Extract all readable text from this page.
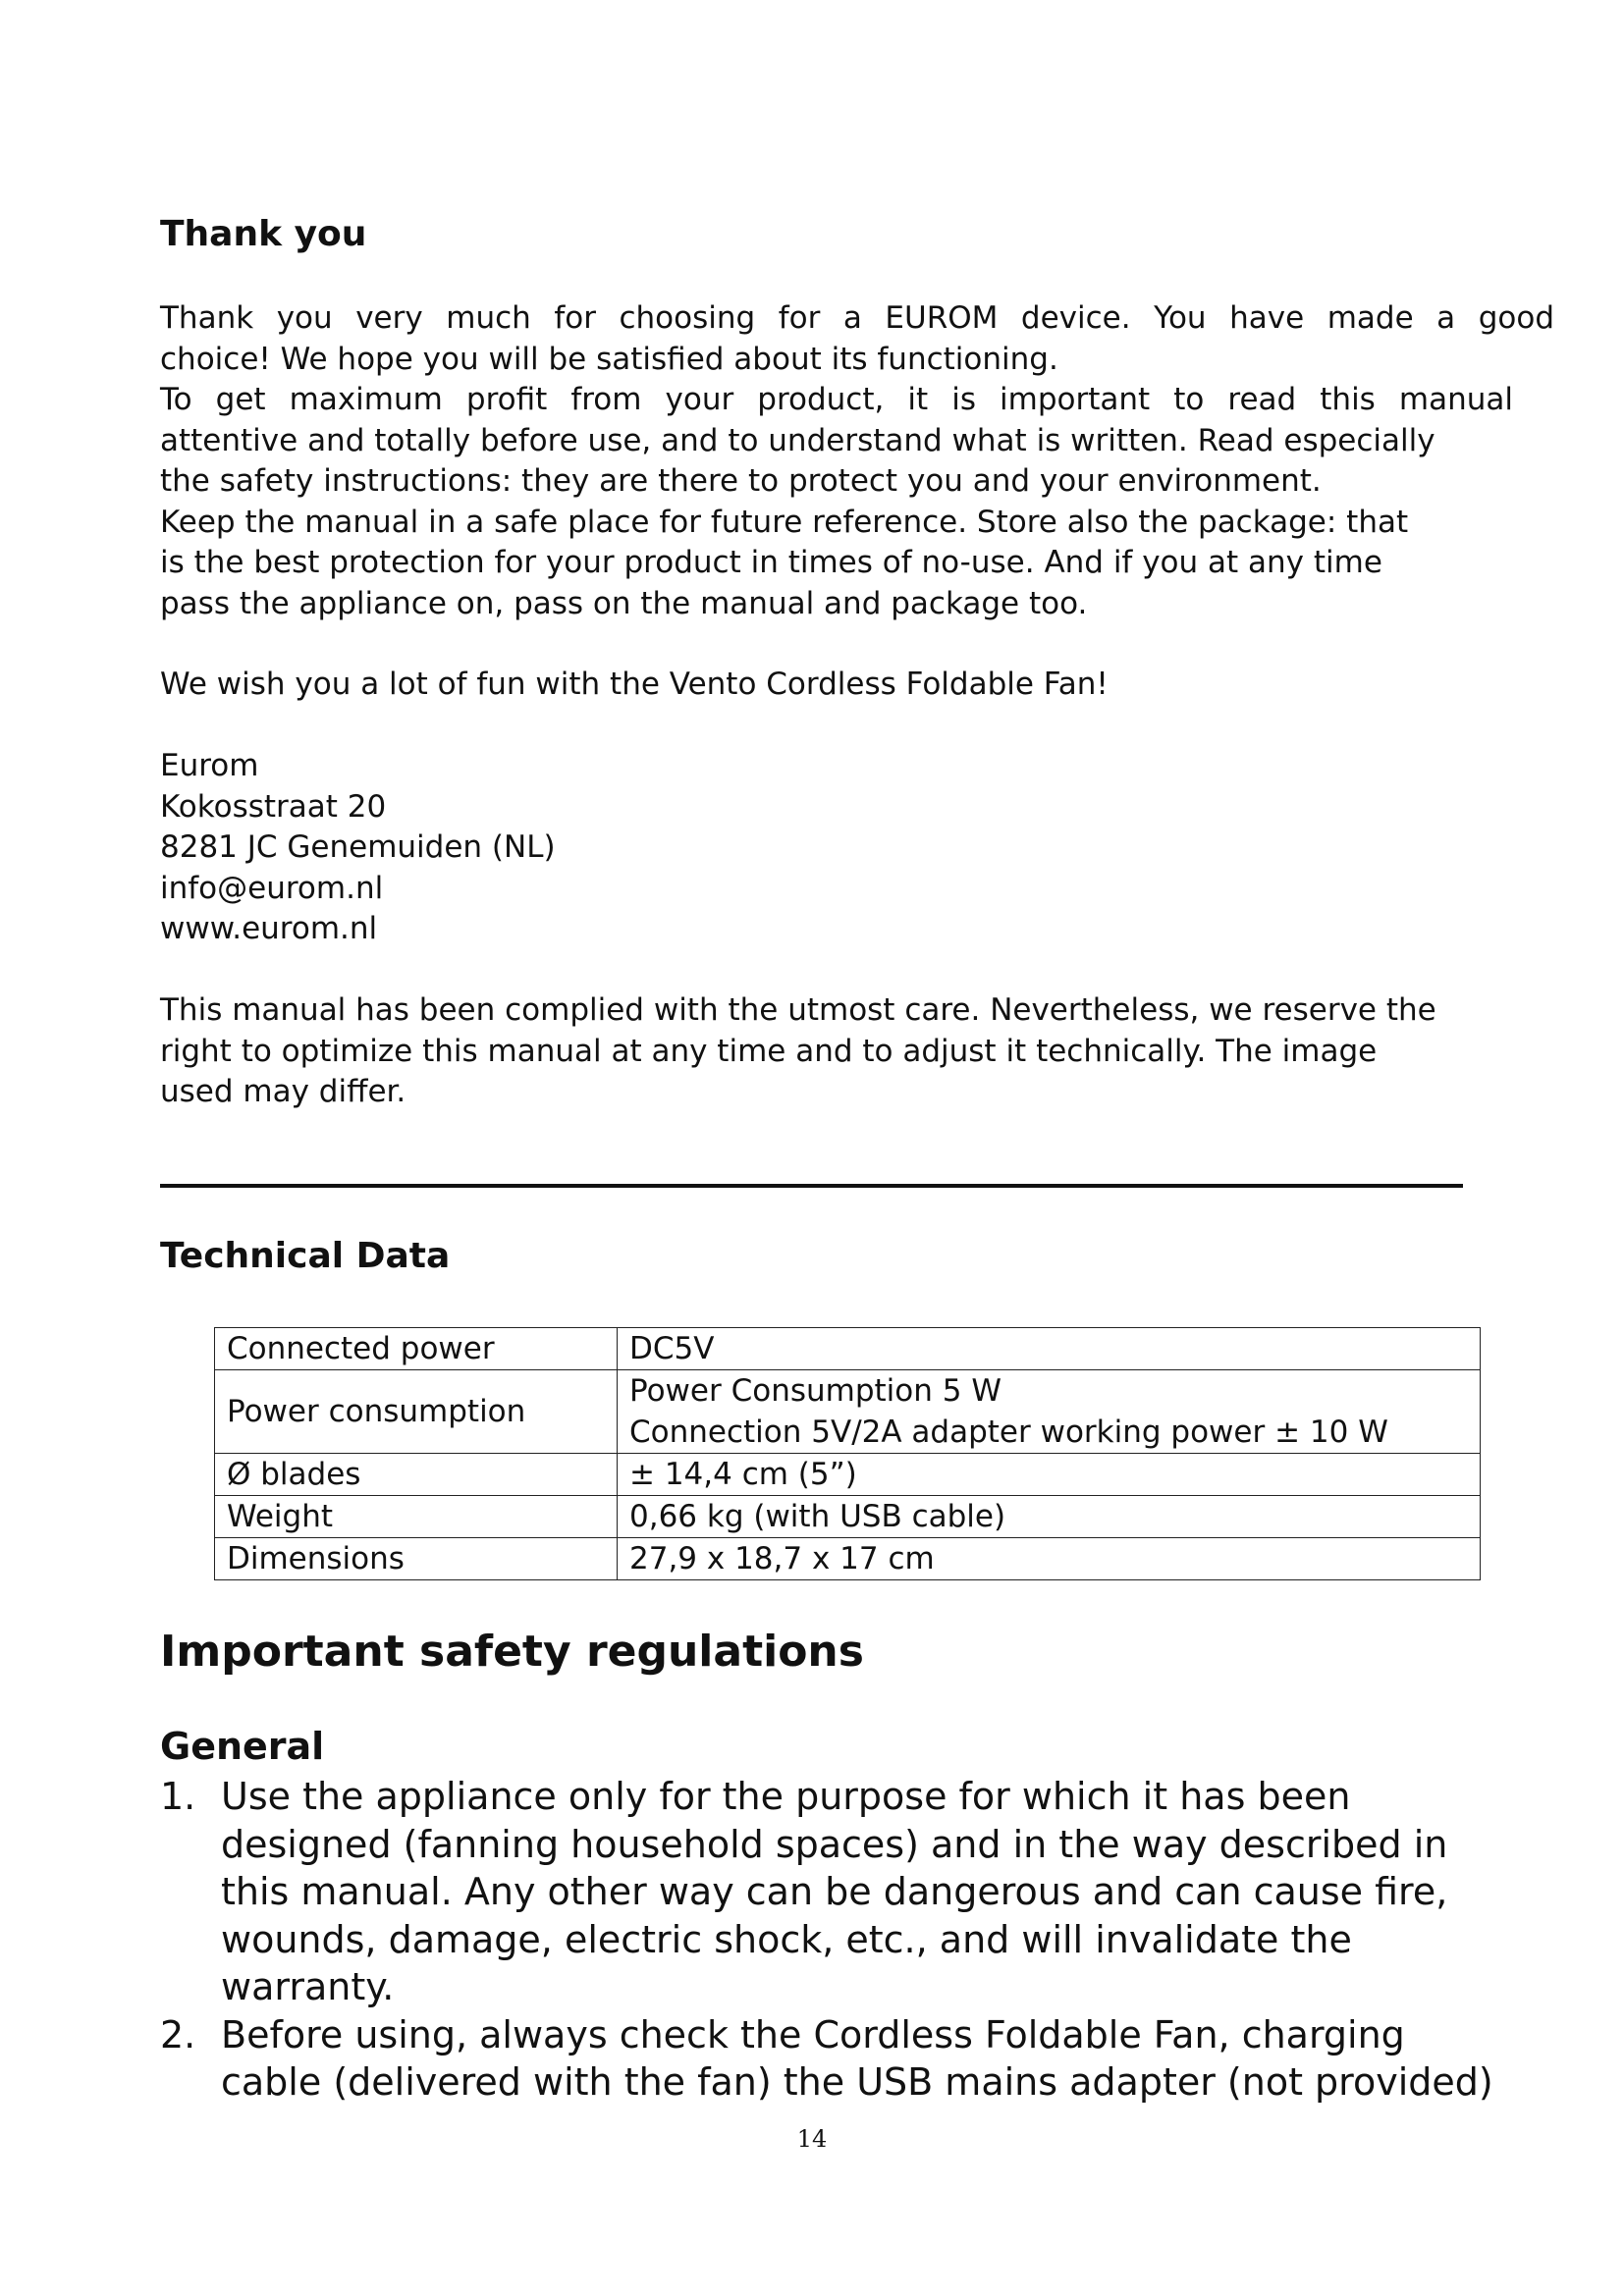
Thank you

Thank you very much for choosing for a EUROM device. You have made a good
choice! We hope you will be satisfied about its functioning.
To get maximum profit from your product, it is important to read this manual
attentive and totally before use, and to understand what is written. Read especially
the safety instructions: they are there to protect you and your environment.
Keep the manual in a safe place for future reference. Store also the package: that
is the best protection for your product in times of no-use. And if you at any time
pass the appliance on, pass on the manual and package too.

We wish you a lot of fun with the Vento Cordless Foldable Fan!

Eurom
Kokosstraat 20
8281 JC Genemuiden (NL)
info@eurom.nl
www.eurom.nl

This manual has been complied with the utmost care. Nevertheless, we reserve the
right to optimize this manual at any time and to adjust it technically. The image
used may differ.

Technical Data
Connected power	DC5V

Power consumption	Power Consumption 5 W
Connection 5V/2A adapter working power ± 10 W

Ø blades	± 14,4 cm (5”)

Weight	0,66 kg (with USB cable)

Dimensions	27,9 x 18,7 x 17 cm
Important safety regulations
General
1. Use the appliance only for the purpose for which it has been
designed (fanning household spaces) and in the way described in
this manual. Any other way can be dangerous and can cause fire,
wounds, damage, electric shock, etc., and will invalidate the
warranty.
2. Before using, always check the Cordless Foldable Fan, charging
cable (delivered with the fan) the USB mains adapter (not provided)
14
